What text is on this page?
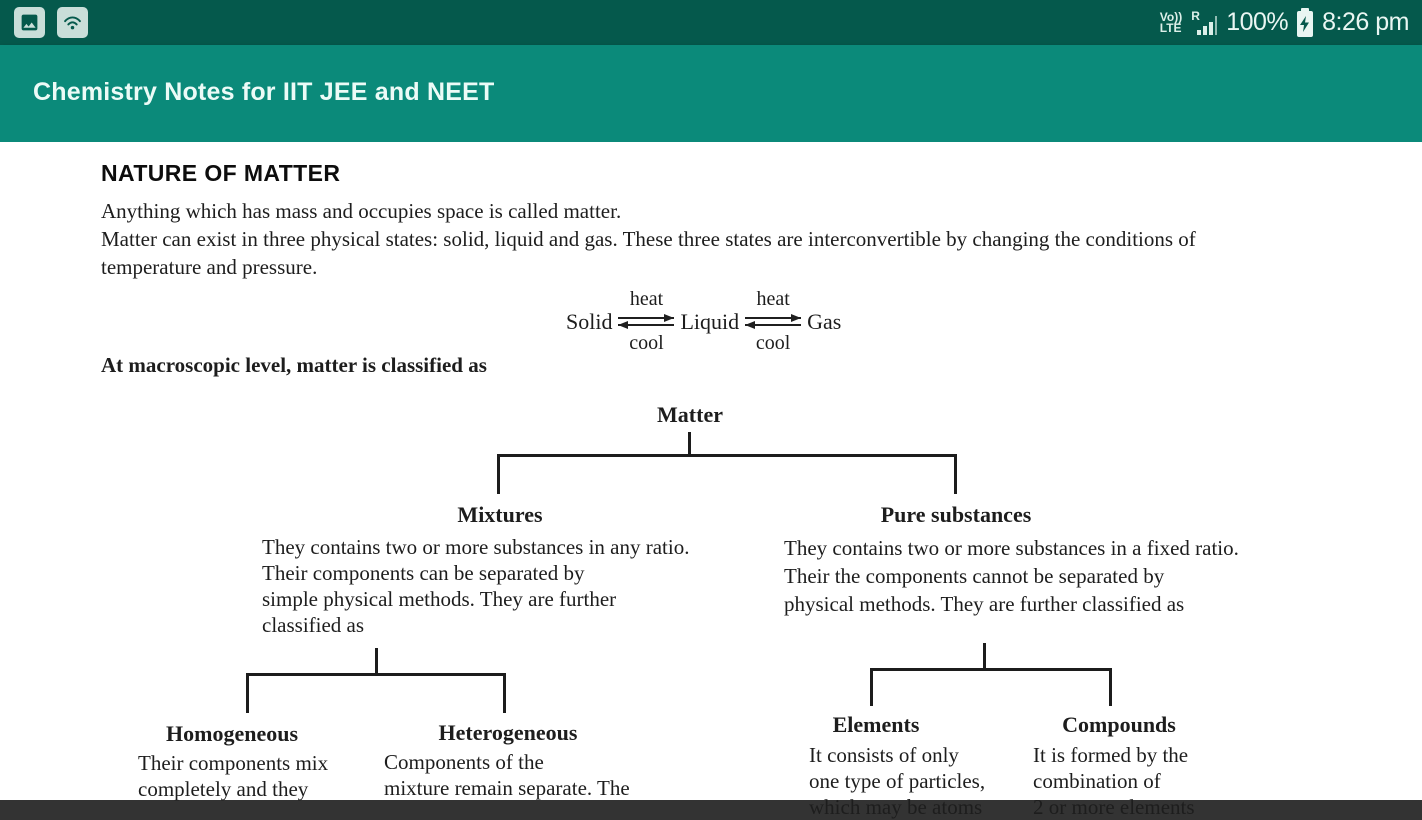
Vo))
LTE
R 100% 8:26 pm
Chemistry Notes for IIT JEE and NEET
NATURE OF MATTER
Anything which has mass and occupies space is called matter.
Matter can exist in three physical states: solid, liquid and gas. These three states are interconvertible by changing the conditions of
temperature and pressure.
Solid
heat
cool
Liquid
heat
cool
Gas
At macroscopic level, matter is classified as
Matter
Mixtures	Pure substances
They contains two or more substances in any ratio.
Their components can be separated by
simple physical methods. They are further
classified as
They contains two or more substances in a fixed ratio.
Their the components cannot be separated by
physical methods. They are further classified as
Homogeneous	Heterogeneous
Their components mix
completely and they
Components of the
mixture remain separate. The
Elements	Compounds
It consists of only
one type of particles,
which may be atoms
It is formed by the
combination of
2 or more elements
